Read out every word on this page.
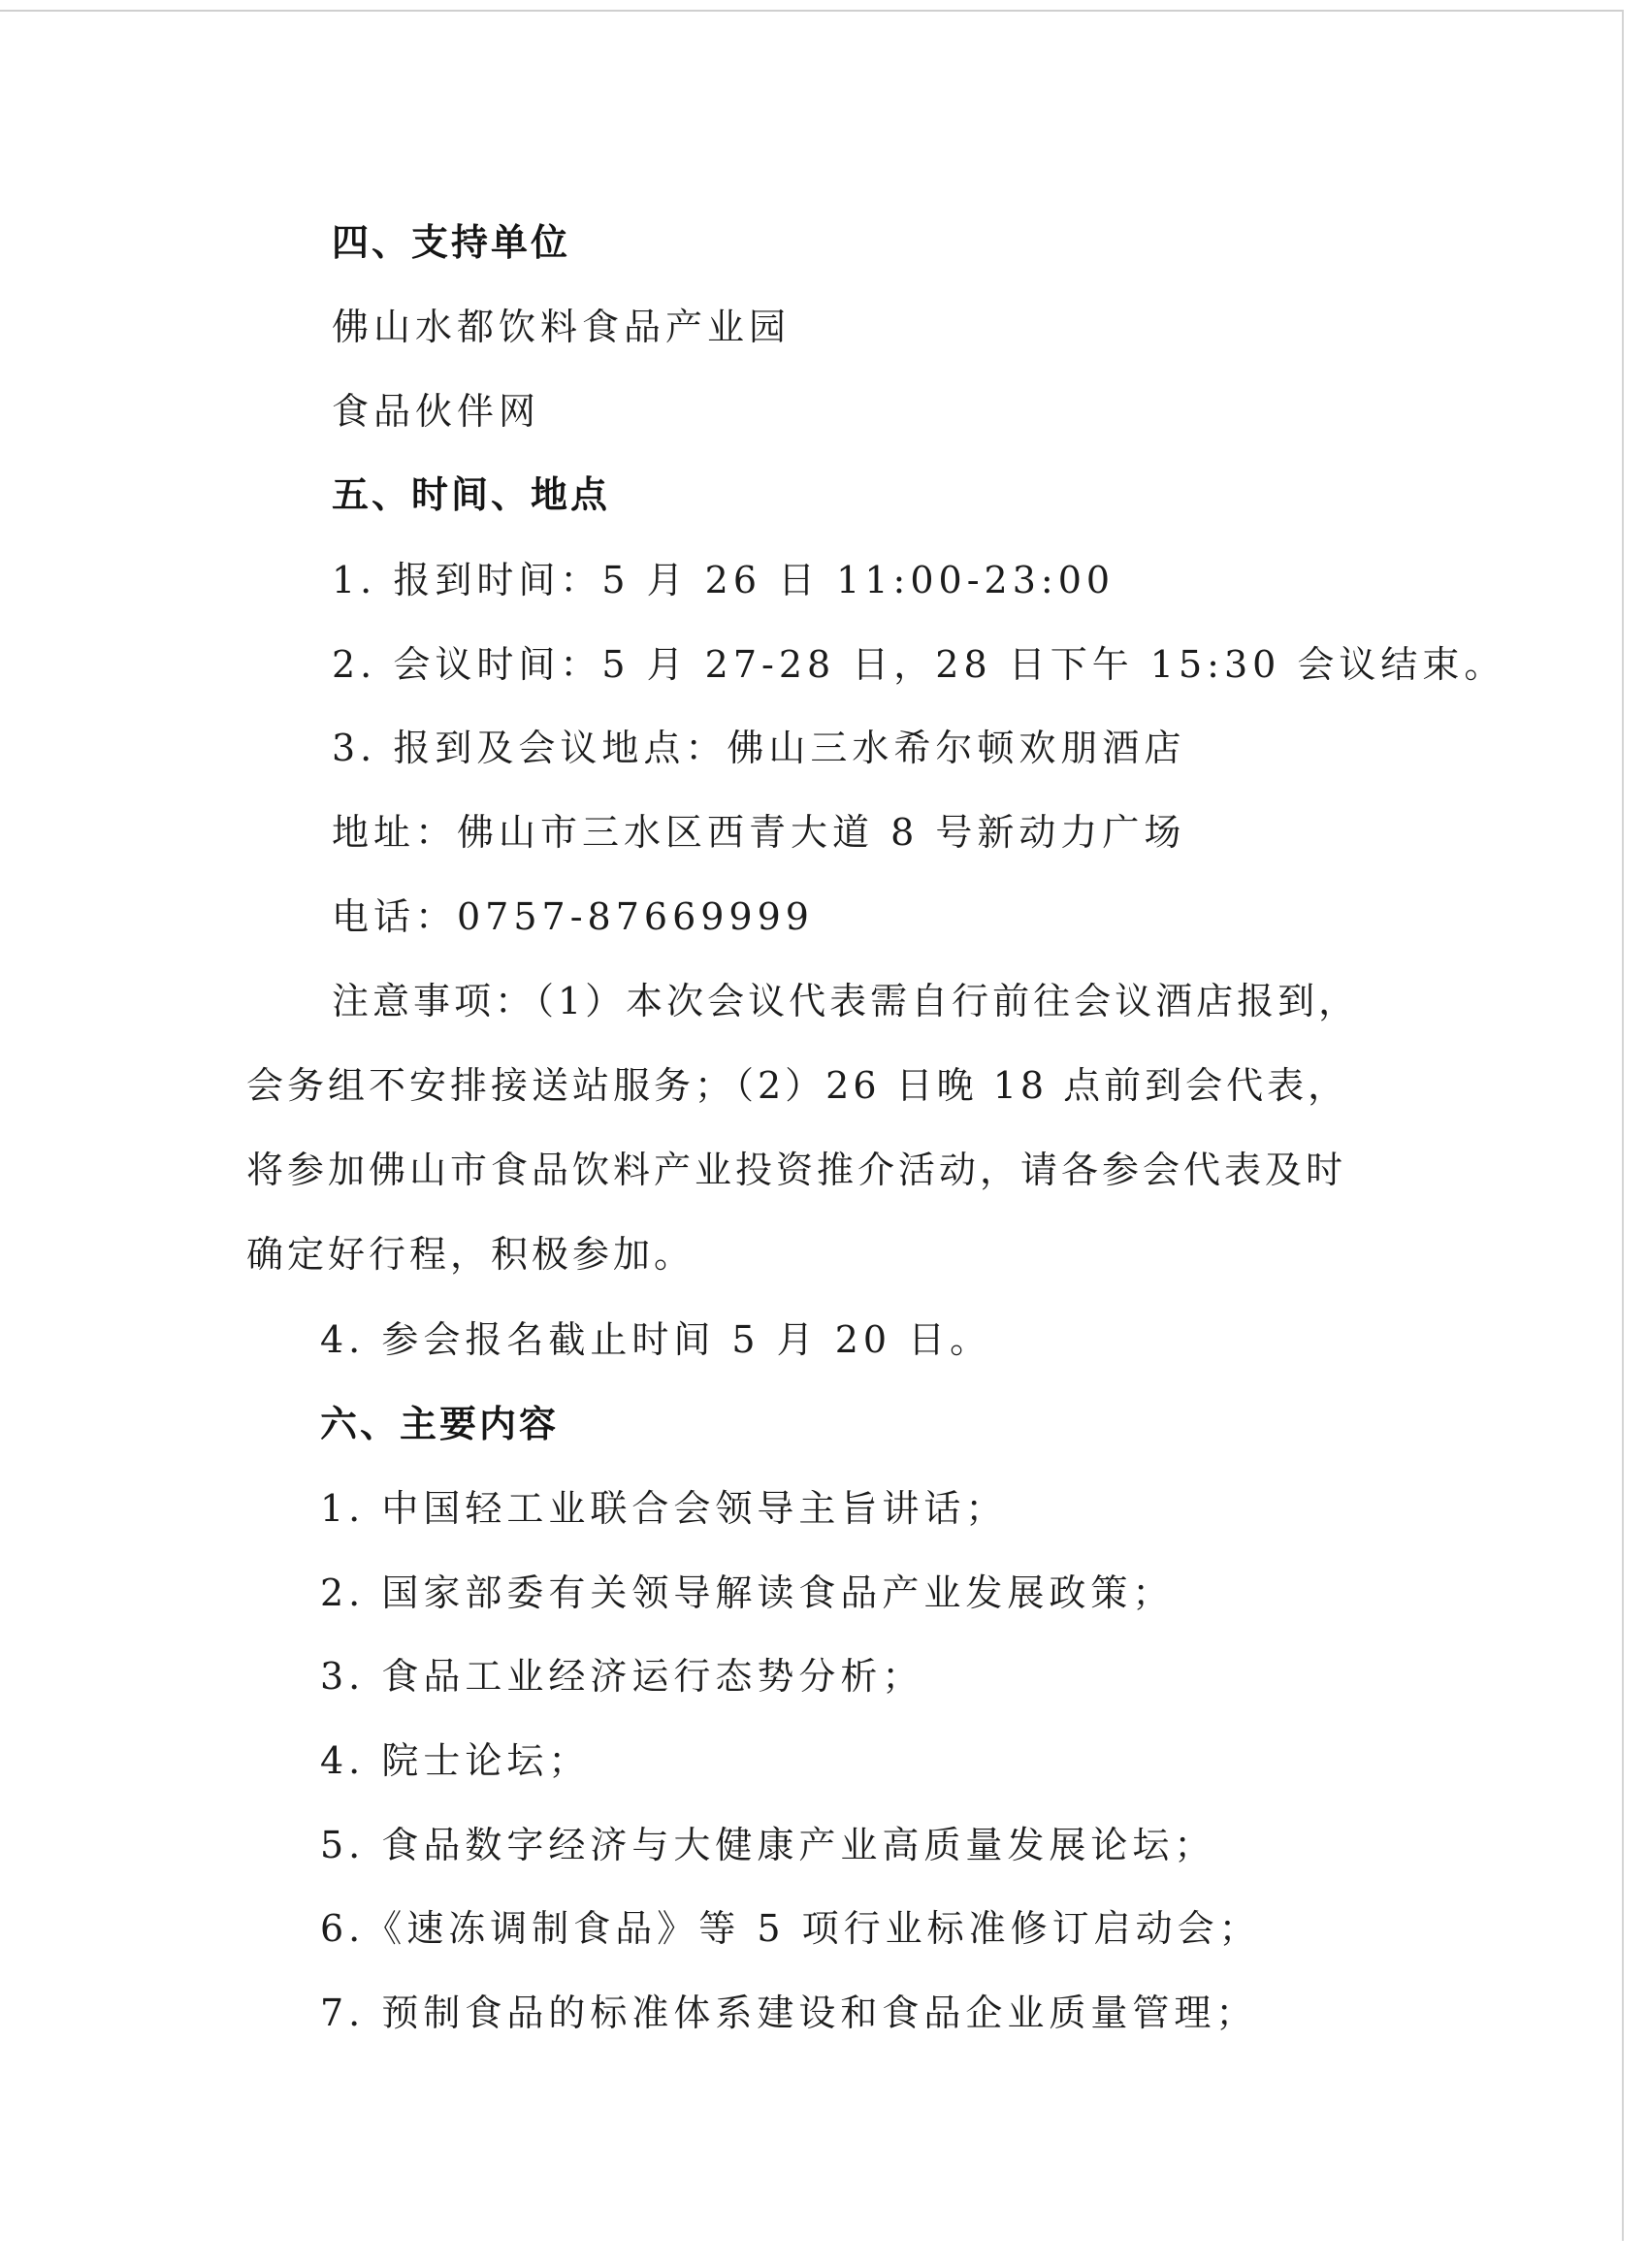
四、支持单位

佛山水都饮料食品产业园

食品伙伴网

五、时间、地点

1. 报到时间：5 月 26 日 11:00-23:00

2. 会议时间：5 月 27-28 日，28 日下午 15:30 会议结束。

3. 报到及会议地点：佛山三水希尔顿欢朋酒店

地址：佛山市三水区西青大道 8 号新动力广场

电话：0757-87669999

注意事项：（1）本次会议代表需自行前往会议酒店报到，会务组不安排接送站服务；（2）26 日晚 18 点前到会代表，将参加佛山市食品饮料产业投资推介活动，请各参会代表及时确定好行程，积极参加。

4. 参会报名截止时间 5 月 20 日。

六、主要内容

1. 中国轻工业联合会领导主旨讲话；

2. 国家部委有关领导解读食品产业发展政策；

3. 食品工业经济运行态势分析；

4. 院士论坛；

5. 食品数字经济与大健康产业高质量发展论坛；

6.《速冻调制食品》等 5 项行业标准修订启动会；

7. 预制食品的标准体系建设和食品企业质量管理；
